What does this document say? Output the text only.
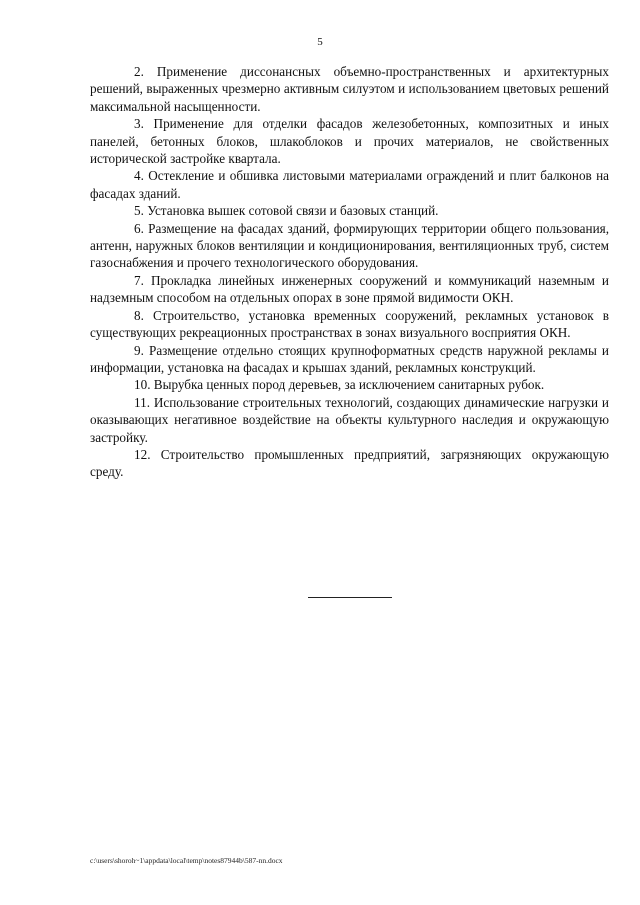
5

2. Применение диссонансных объемно-пространственных и архитектурных решений, выраженных чрезмерно активным силуэтом и использованием цветовых решений максимальной насыщенности.

3. Применение для отделки фасадов железобетонных, композитных и иных панелей, бетонных блоков, шлакоблоков и прочих материалов, не свойственных исторической застройке квартала.

4. Остекление и обшивка листовыми материалами ограждений и плит балконов на фасадах зданий.

5. Установка вышек сотовой связи и базовых станций.

6. Размещение на фасадах зданий, формирующих территории общего пользования, антенн, наружных блоков вентиляции и кондиционирования, вентиляционных труб, систем газоснабжения и прочего технологического оборудования.

7. Прокладка линейных инженерных сооружений и коммуникаций наземным и надземным способом на отдельных опорах в зоне прямой видимости ОКН.

8. Строительство, установка временных сооружений, рекламных установок в существующих рекреационных пространствах в зонах визуального восприятия ОКН.

9. Размещение отдельно стоящих крупноформатных средств наружной рекламы и информации, установка на фасадах и крышах зданий, рекламных конструкций.

10. Вырубка ценных пород деревьев, за исключением санитарных рубок.

11. Использование строительных технологий, создающих динамические нагрузки и оказывающих негативное воздействие на объекты культурного наследия и окружающую застройку.

12. Строительство промышленных предприятий, загрязняющих окружающую среду.

c:\users\shoroh~1\appdata\local\temp\notes87944b\587-nn.docx
